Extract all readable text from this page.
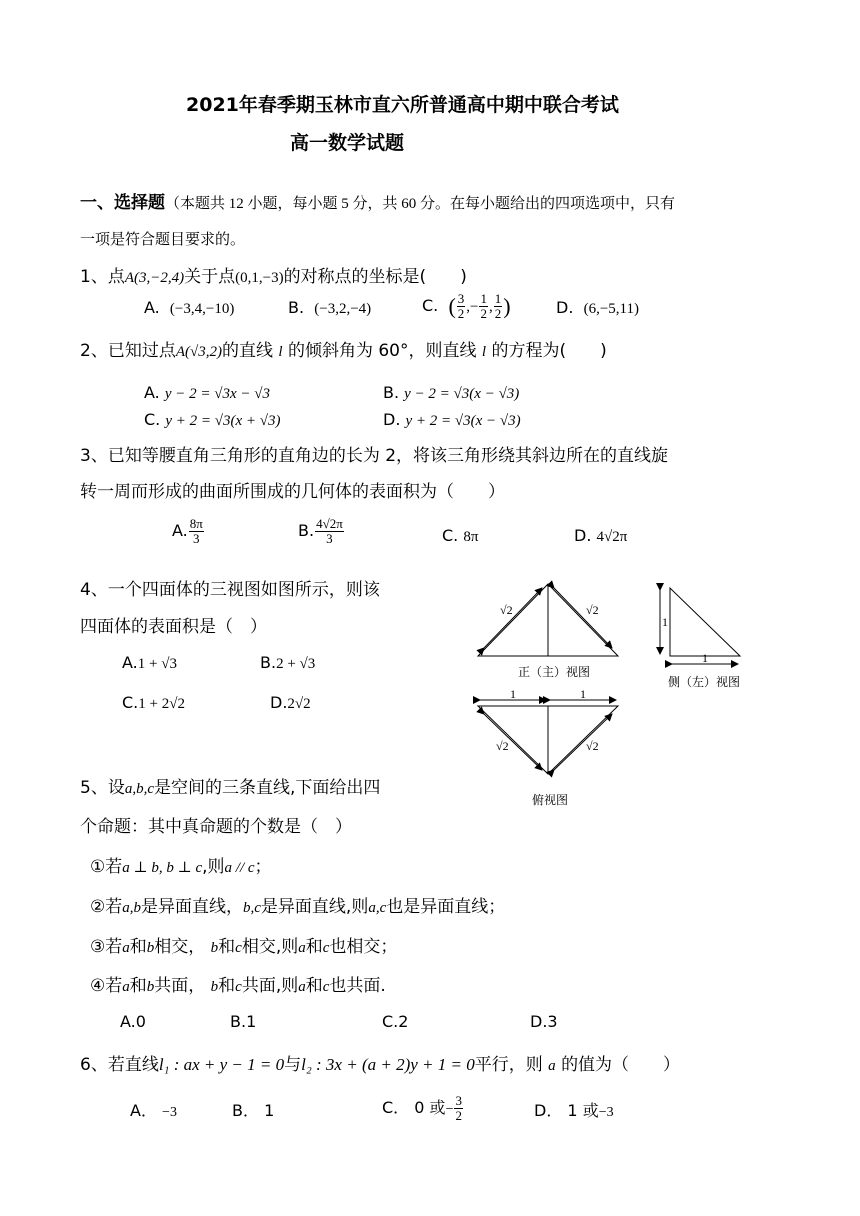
2021年春季期玉林市直六所普通高中期中联合考试
高一数学试题
一、选择题（本题共 12 小题，每小题 5 分，共 60 分。在每小题给出的四项选项中，只有
一项是符合题目要求的。
1、点A(3,−2,4)关于点(0,1,−3)的对称点的坐标是(　　)
A. (−3,4,−10)	B. (−3,2,−4)	C. ( $\frac{3}{2}$ ,− $\frac{1}{2}$ , $\frac{1}{2}$ )	D. (6,−5,11)
2、已知过点A(√3,2)的直线 l 的倾斜角为 60°，则直线 l 的方程为(　　)
A. y − 2 = √3x − √3	B. y − 2 = √3(x − √3)
C. y + 2 = √3(x + √3)	D. y + 2 = √3(x − √3)
3、已知等腰直角三角形的直角边的长为 2，将该三角形绕其斜边所在的直线旋
转一周而形成的曲面所围成的几何体的表面积为（　　）
A. $\frac{8\pi}{3}$	B. $\frac{4√2\pi}{3}$	C. 8π	D. 4√2π
4、一个四面体的三视图如图所示，则该
四面体的表面积是（　）
A.1 + √3	B.2 + √3
C.1 + 2√2	D.2√2
√2	√2
正（主）视图
1
1
侧（左）视图
1	1
√2	√2
俯视图
5、设a,b,c是空间的三条直线,下面给出四
个命题：其中真命题的个数是（　）
①若a ⊥ b, b ⊥ c,则a // c；
②若a,b是异面直线，b,c是异面直线,则a,c也是异面直线；
③若a和b相交， b和c相交,则a和c也相交；
④若a和b共面， b和c共面,则a和c也共面.
A.0	B.1	C.2	D.3
6、若直线l₁ : ax + y − 1 = 0与l₂ : 3x + (a + 2)y + 1 = 0平行，则 a 的值为（　　）
A． −3	B． 1	C． 0 或− $\frac{3}{2}$	D． 1 或−3
